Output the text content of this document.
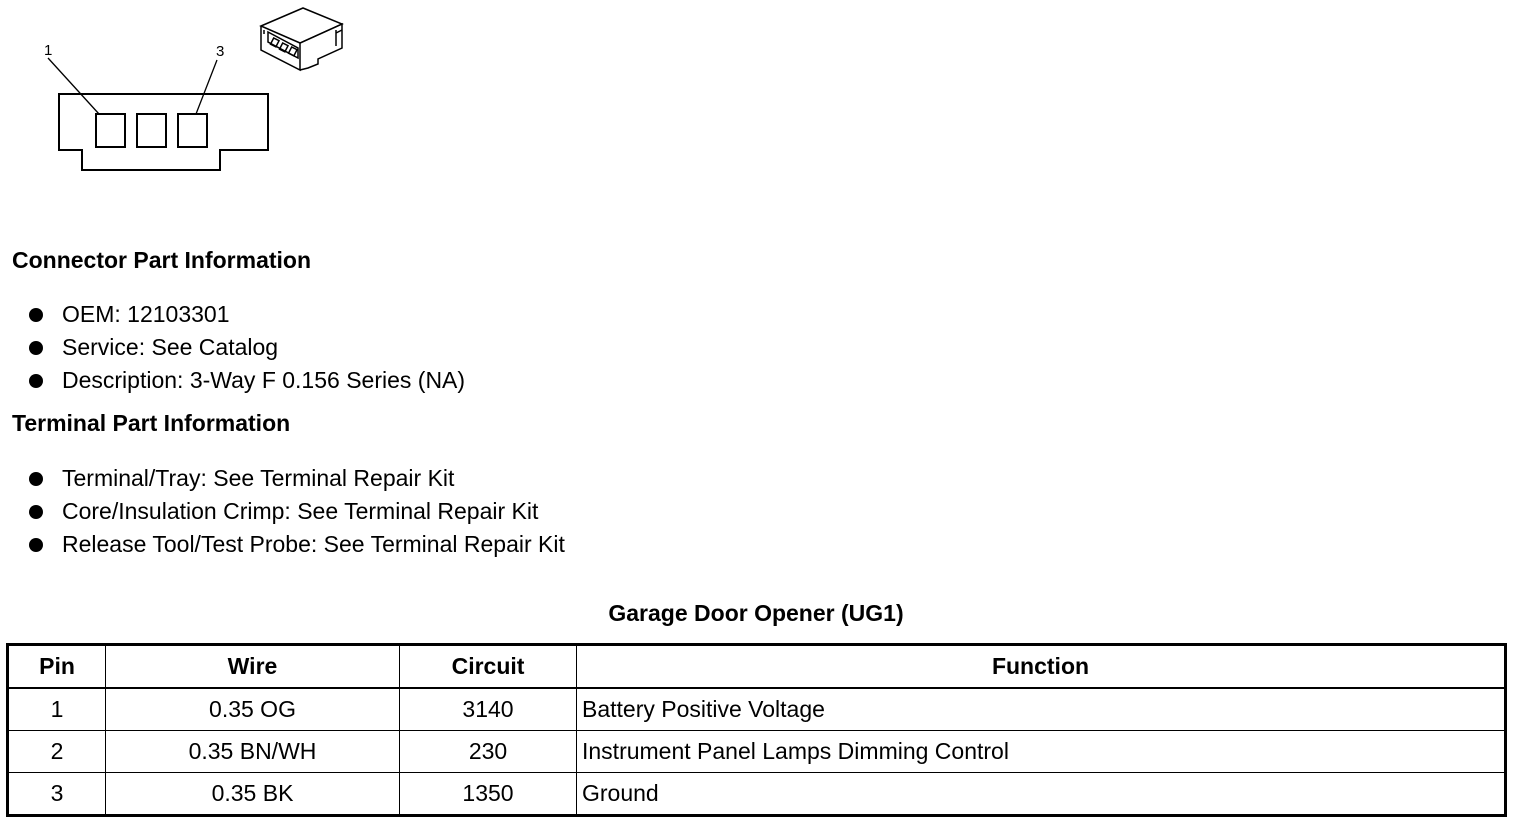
1	3
Connector Part Information
OEM: 12103301
Service: See Catalog
Description: 3-Way F 0.156 Series (NA)
Terminal Part Information
Terminal/Tray: See Terminal Repair Kit
Core/Insulation Crimp: See Terminal Repair Kit
Release Tool/Test Probe: See Terminal Repair Kit
Garage Door Opener (UG1)
Pin	Wire	Circuit	Function
1	0.35 OG	3140	Battery Positive Voltage
2	0.35 BN/WH	230	Instrument Panel Lamps Dimming Control
3	0.35 BK	1350	Ground
